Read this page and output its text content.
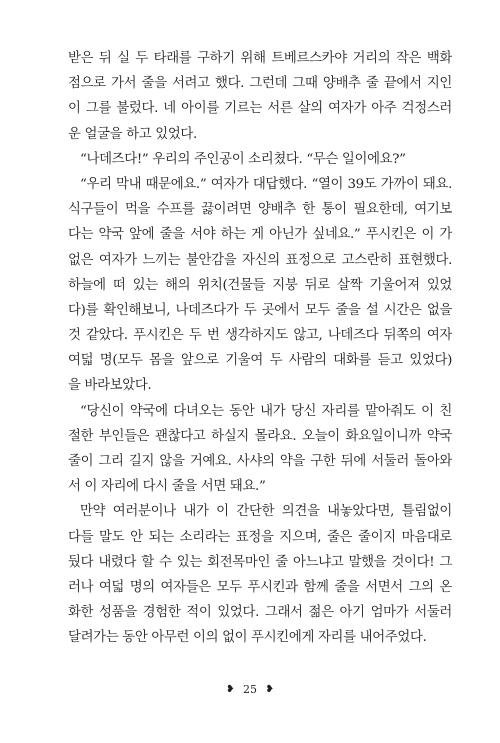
받은 뒤 실 두 타래를 구하기 위해 트베르스카야 거리의 작은 백화
점으로 가서 줄을 서려고 했다. 그런데 그때 양배추 줄 끝에서 지인
이 그를 불렀다. 네 아이를 기르는 서른 살의 여자가 아주 걱정스러
운 얼굴을 하고 있었다.
“나데즈다!” 우리의 주인공이 소리쳤다. “무슨 일이에요?”
“우리 막내 때문에요.” 여자가 대답했다. “열이 39도 가까이 돼요.
식구들이 먹을 수프를 끓이려면 양배추 한 통이 필요한데, 여기보
다는 약국 앞에 줄을 서야 하는 게 아닌가 싶네요.” 푸시킨은 이 가
없은 여자가 느끼는 불안감을 자신의 표정으로 고스란히 표현했다.
하늘에 떠 있는 해의 위치(건물들 지붕 뒤로 살짝 기울어져 있었
다)를 확인해보니, 나데즈다가 두 곳에서 모두 줄을 설 시간은 없을
것 같았다. 푸시킨은 두 번 생각하지도 않고, 나데즈다 뒤쪽의 여자
여덟 명(모두 몸을 앞으로 기울여 두 사람의 대화를 듣고 있었다)
을 바라보았다.
“당신이 약국에 다녀오는 동안 내가 당신 자리를 맡아줘도 이 친
절한 부인들은 괜찮다고 하실지 몰라요. 오늘이 화요일이니까 약국
줄이 그리 길지 않을 거예요. 사샤의 약을 구한 뒤에 서둘러 돌아와
서 이 자리에 다시 줄을 서면 돼요.”
만약 여러분이나 내가 이 간단한 의견을 내놓았다면, 틀림없이
다들 말도 안 되는 소리라는 표정을 지으며, 줄은 줄이지 마음대로
뒀다 내렸다 할 수 있는 회전목마인 줄 아느냐고 말했을 것이다! 그
러나 여덟 명의 여자들은 모두 푸시킨과 함께 줄을 서면서 그의 온
화한 성품을 경험한 적이 있었다. 그래서 젊은 아기 엄마가 서둘러
달려가는 동안 아무런 이의 없이 푸시킨에게 자리를 내어주었다.
❥ 25 ❥
